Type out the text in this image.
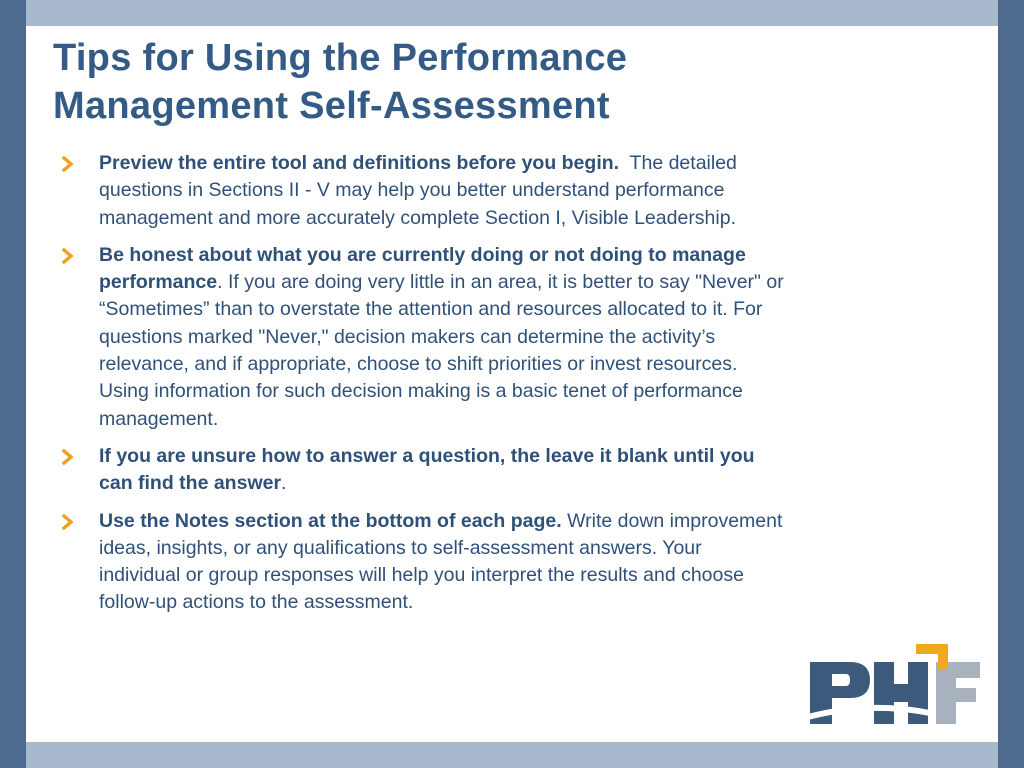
Tips for Using the Performance Management Self-Assessment
Preview the entire tool and definitions before you begin.  The detailed questions in Sections II - V may help you better understand performance management and more accurately complete Section I, Visible Leadership.
Be honest about what you are currently doing or not doing to manage performance. If you are doing very little in an area, it is better to say "Never" or “Sometimes” than to overstate the attention and resources allocated to it. For questions marked "Never," decision makers can determine the activity’s relevance, and if appropriate, choose to shift priorities or invest resources. Using information for such decision making is a basic tenet of performance management.
If you are unsure how to answer a question, the leave it blank until you can find the answer.
Use the Notes section at the bottom of each page. Write down improvement ideas, insights, or any qualifications to self-assessment answers. Your individual or group responses will help you interpret the results and choose follow-up actions to the assessment.
